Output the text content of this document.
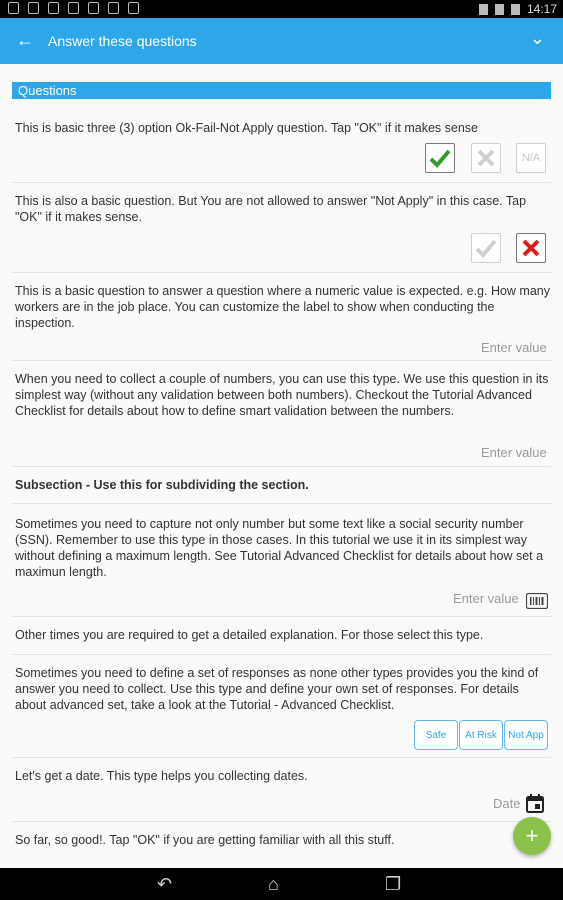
14:17
← Answer these questions	⌄
Questions
This is basic three (3) option Ok-Fail-Not Apply question. Tap "OK" if it makes sense
N/A
This is also a basic question. But You are not allowed to answer "Not Apply" in this case. Tap "OK" if it makes sense.
This is a basic question to answer a question where a numeric value is expected. e.g. How many workers are in the job place. You can customize the label to show when conducting the inspection.
Enter value
When you need to collect a couple of numbers, you can use this type. We use this question in its simplest way (without any validation between both numbers). Checkout the Tutorial Advanced Checklist for details about how to define smart validation between the numbers.
Enter value
Subsection - Use this for subdividing the section.
Sometimes you need to capture not only number but some text like a social security number (SSN). Remember to use this type in those cases. In this tutorial we use it in its simplest way without defining a maximum length. See Tutorial Advanced Checklist for details about how set a maximun length.
Enter value
Other times you are required to get a detailed explanation. For those select this type.
Sometimes you need to define a set of responses as none other types provides you the kind of answer you need to collect. Use this type and define your own set of responses. For details about advanced set, take a look at the Tutorial - Advanced Checklist.
Safe	At Risk	Not App
Let's get a date. This type helps you collecting dates.
Date
So far, so good!. Tap "OK" if you are getting familiar with all this stuff.	+
↶	⌂	❐
